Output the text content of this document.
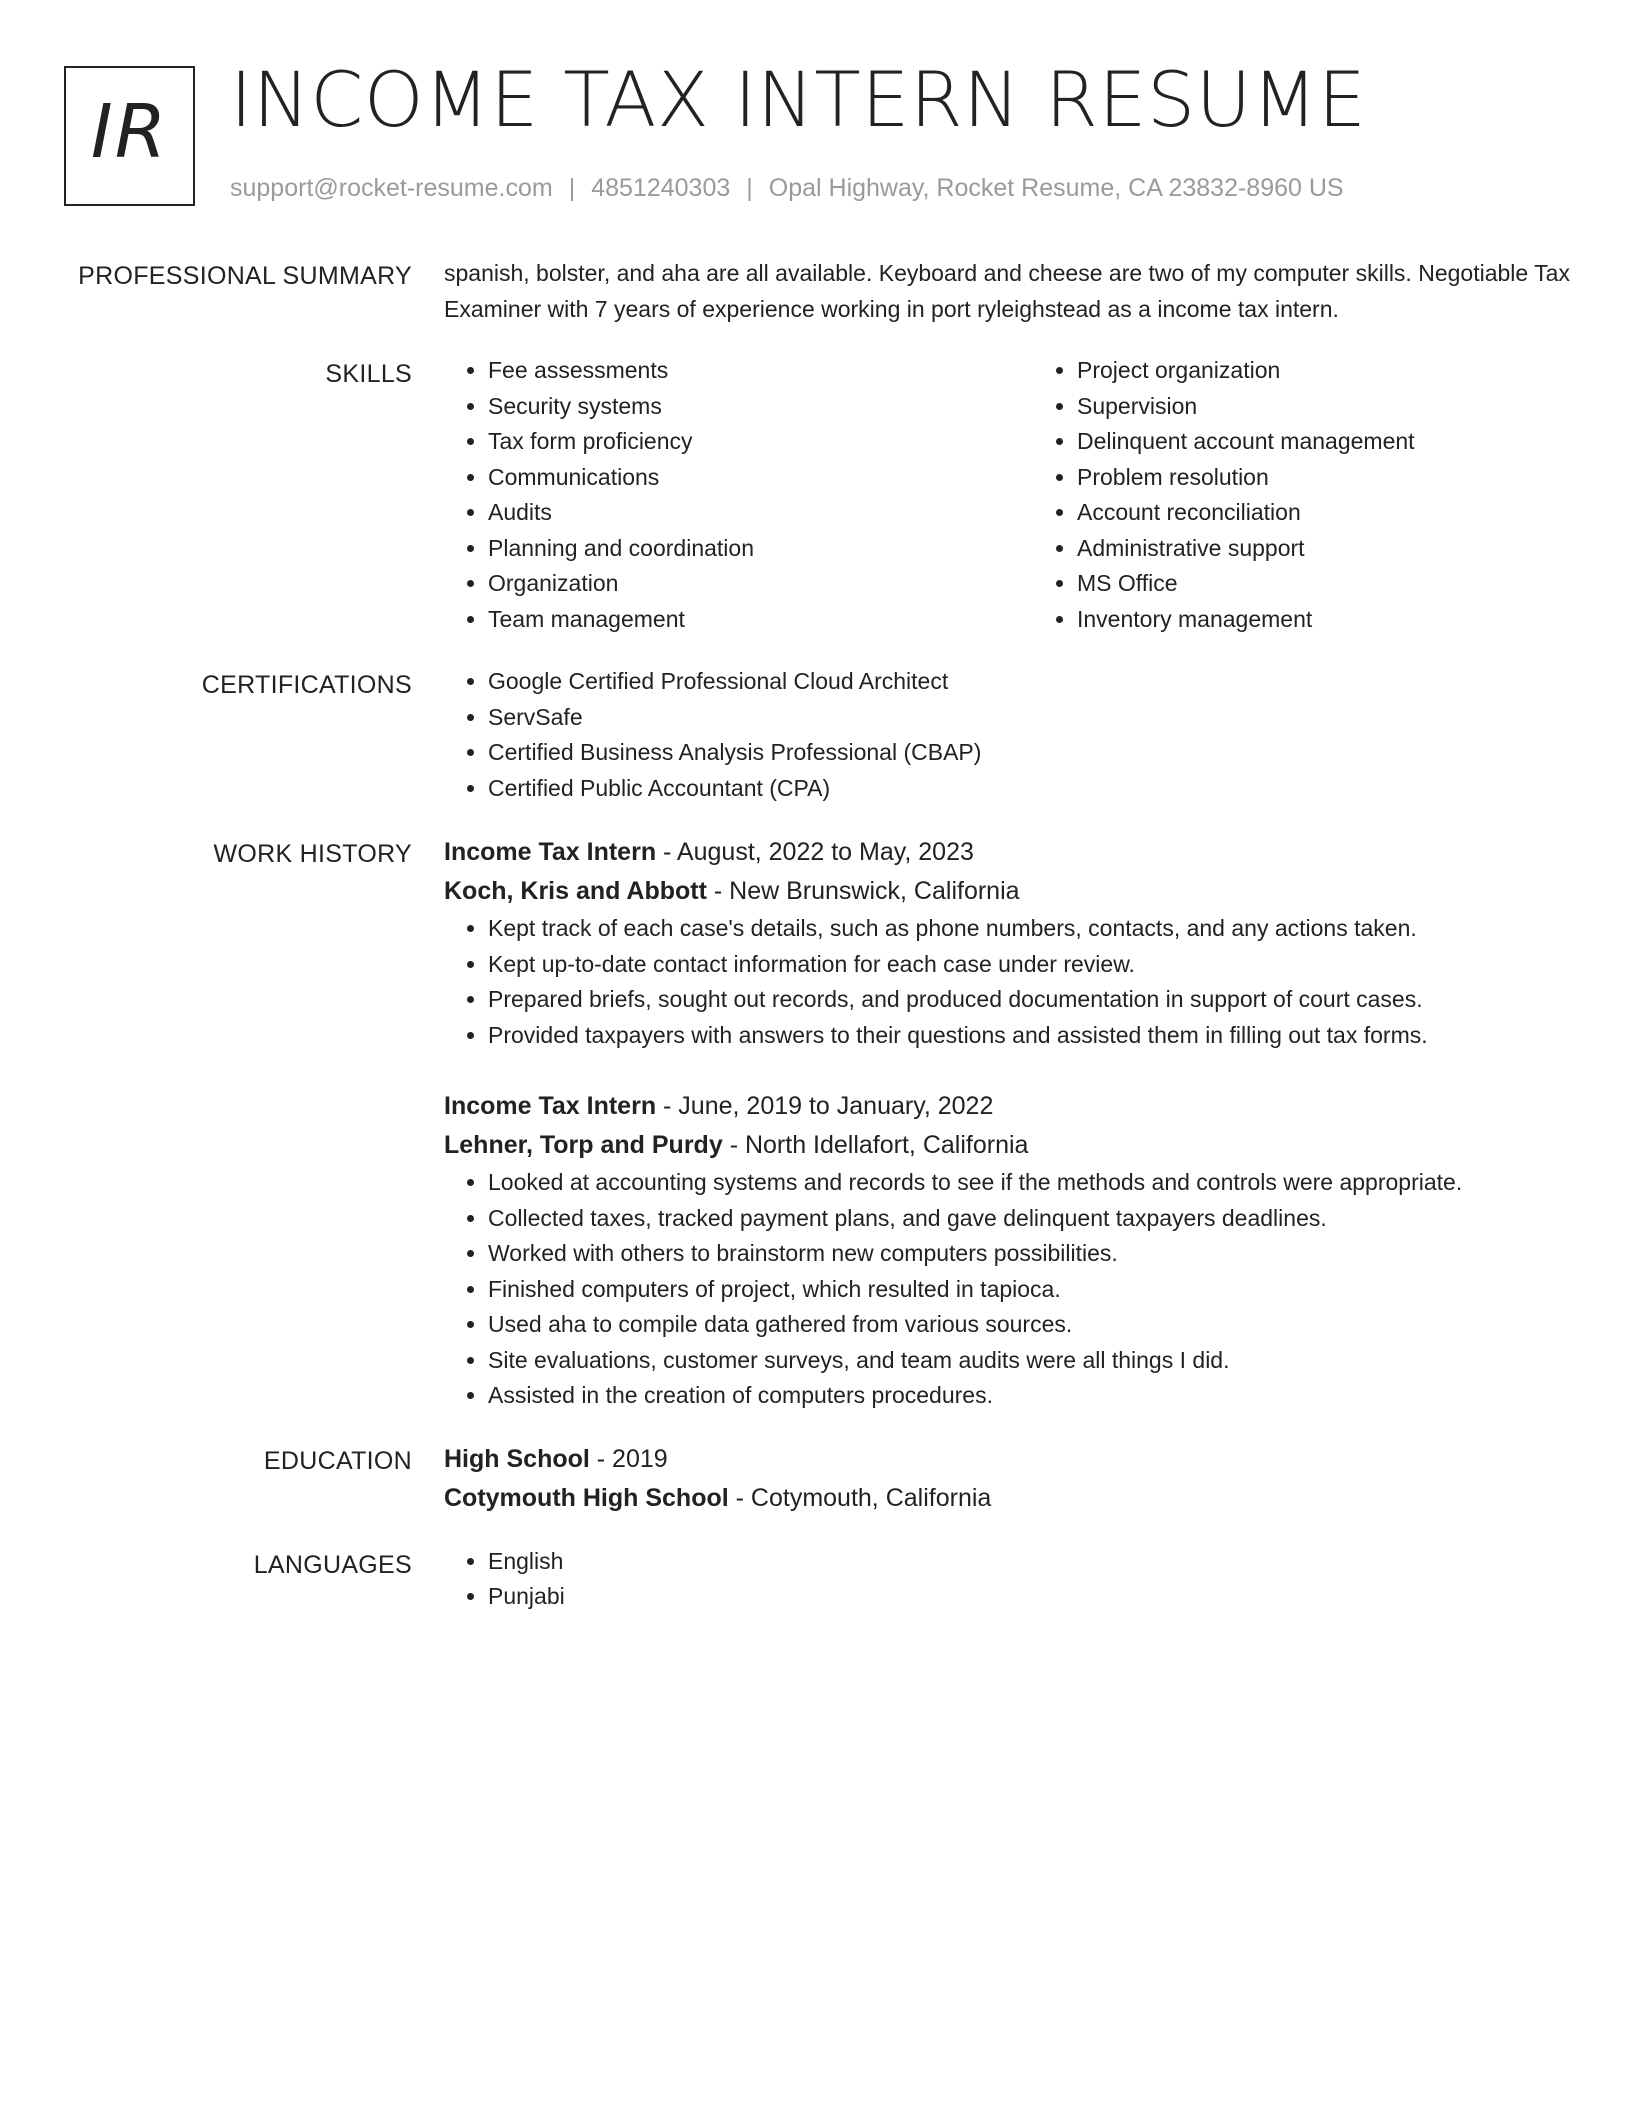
IR INCOME TAX INTERN RESUME
support@rocket-resume.com | 4851240303 | Opal Highway, Rocket Resume, CA 23832-8960 US
PROFESSIONAL SUMMARY spanish, bolster, and aha are all available. Keyboard and cheese are two of my computer skills. Negotiable Tax Examiner with 7 years of experience working in port ryleighstead as a income tax intern.

SKILLS	• Fee assessments
• Security systems
• Tax form proficiency
• Communications
• Audits
• Planning and coordination
• Organization
• Team management
• Project organization
• Supervision
• Delinquent account management
• Problem resolution
• Account reconciliation
• Administrative support
• MS Office
• Inventory management
CERTIFICATIONS	• Google Certified Professional Cloud Architect
• ServSafe
• Certified Business Analysis Professional (CBAP)
• Certified Public Accountant (CPA)
WORK HISTORY Income Tax Intern - August, 2022 to May, 2023
Koch, Kris and Abbott - New Brunswick, California
• Kept track of each case's details, such as phone numbers, contacts, and any actions taken.
• Kept up-to-date contact information for each case under review.
• Prepared briefs, sought out records, and produced documentation in support of court cases.
• Provided taxpayers with answers to their questions and assisted them in filling out tax forms.
Income Tax Intern - June, 2019 to January, 2022
Lehner, Torp and Purdy - North Idellafort, California
• Looked at accounting systems and records to see if the methods and controls were appropriate.
• Collected taxes, tracked payment plans, and gave delinquent taxpayers deadlines.
• Worked with others to brainstorm new computers possibilities.
• Finished computers of project, which resulted in tapioca.
• Used aha to compile data gathered from various sources.
• Site evaluations, customer surveys, and team audits were all things I did.
• Assisted in the creation of computers procedures.
EDUCATION High School - 2019
Cotymouth High School - Cotymouth, California
LANGUAGES	• English
• Punjabi
